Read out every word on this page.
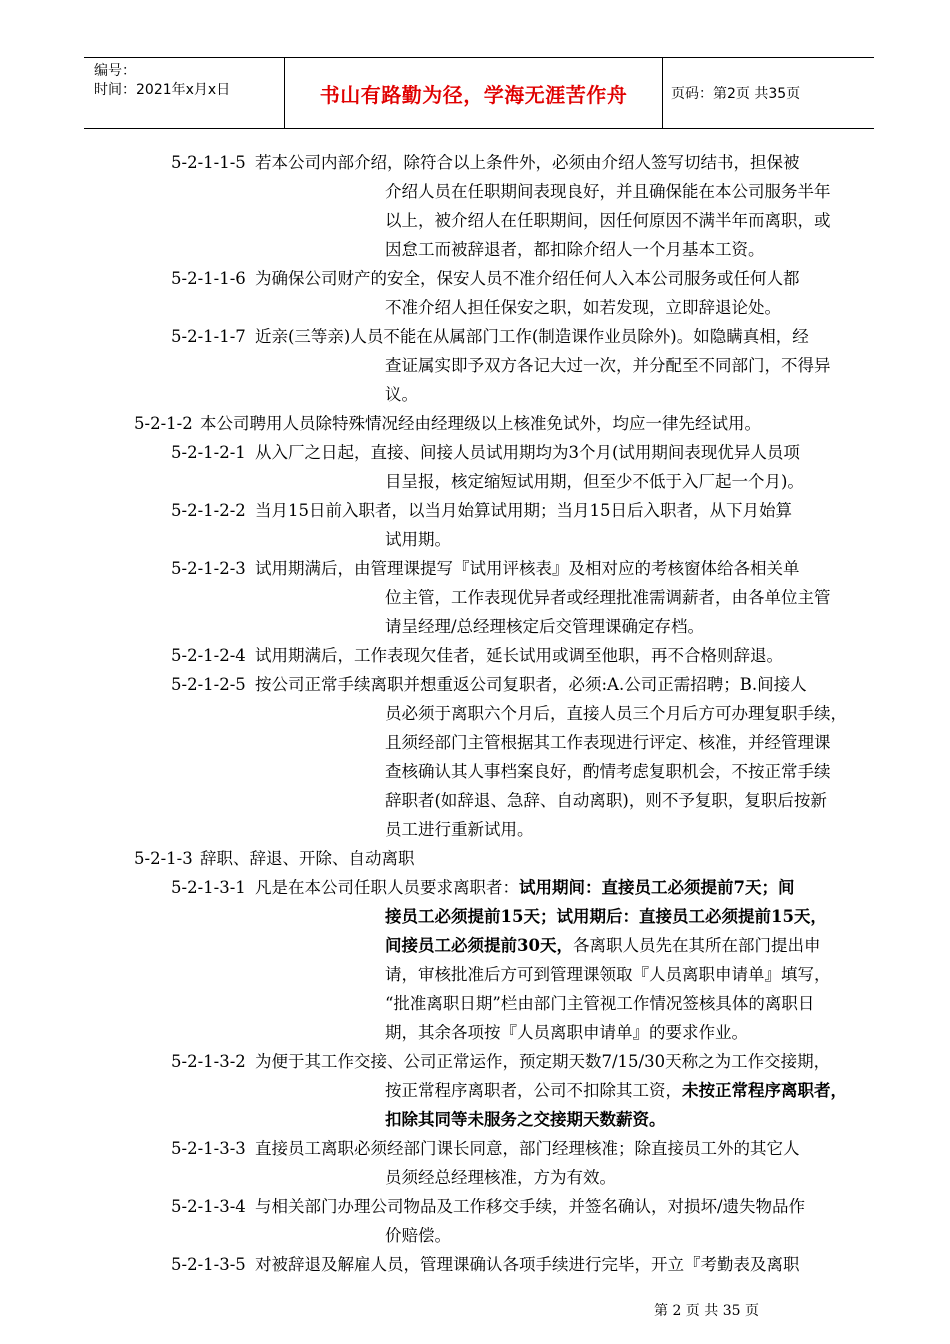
编号：
时间：2021年x月x日	书山有路勤为径，学海无涯苦作舟	页码：第2页 共35页
5-2-1-1-5 若本公司内部介绍，除符合以上条件外，必须由介绍人签写切结书，担保被
介绍人员在任职期间表现良好，并且确保能在本公司服务半年
以上，被介绍人在任职期间，因任何原因不满半年而离职，或
因怠工而被辞退者，都扣除介绍人一个月基本工资。
5-2-1-1-6 为确保公司财产的安全，保安人员不准介绍任何人入本公司服务或任何人都
不准介绍人担任保安之职，如若发现，立即辞退论处。
5-2-1-1-7 近亲(三等亲)人员不能在从属部门工作(制造课作业员除外)。如隐瞒真相，经
查证属实即予双方各记大过一次，并分配至不同部门，不得异
议。
5-2-1-2 本公司聘用人员除特殊情况经由经理级以上核准免试外，均应一律先经试用。
5-2-1-2-1 从入厂之日起，直接、间接人员试用期均为3个月(试用期间表现优异人员项
目呈报，核定缩短试用期，但至少不低于入厂起一个月)。
5-2-1-2-2 当月15日前入职者，以当月始算试用期；当月15日后入职者，从下月始算
试用期。
5-2-1-2-3 试用期满后，由管理课提写『试用评核表』及相对应的考核窗体给各相关单
位主管，工作表现优异者或经理批准需调薪者，由各单位主管
请呈经理/总经理核定后交管理课确定存档。
5-2-1-2-4 试用期满后，工作表现欠佳者，延长试用或调至他职，再不合格则辞退。
5-2-1-2-5 按公司正常手续离职并想重返公司复职者，必须:A.公司正需招聘；B.间接人
员必须于离职六个月后，直接人员三个月后方可办理复职手续，
且须经部门主管根据其工作表现进行评定、核准，并经管理课
查核确认其人事档案良好，酌情考虑复职机会，不按正常手续
辞职者(如辞退、急辞、自动离职)，则不予复职，复职后按新
员工进行重新试用。
5-2-1-3 辞职、辞退、开除、自动离职
5-2-1-3-1 凡是在本公司任职人员要求离职者：试用期间：直接员工必须提前7天；间
接员工必须提前15天；试用期后：直接员工必须提前15天，
间接员工必须提前30天，各离职人员先在其所在部门提出申
请，审核批准后方可到管理课领取『人员离职申请单』填写，
“批准离职日期”栏由部门主管视工作情况签核具体的离职日
期，其余各项按『人员离职申请单』的要求作业。
5-2-1-3-2 为便于其工作交接、公司正常运作，预定期天数7/15/30天称之为工作交接期，
按正常程序离职者，公司不扣除其工资，未按正常程序离职者，
扣除其同等未服务之交接期天数薪资。
5-2-1-3-3 直接员工离职必须经部门课长同意，部门经理核准；除直接员工外的其它人
员须经总经理核准，方为有效。
5-2-1-3-4 与相关部门办理公司物品及工作移交手续，并签名确认，对损坏/遗失物品作
价赔偿。
5-2-1-3-5 对被辞退及解雇人员，管理课确认各项手续进行完毕，开立『考勤表及离职
第 2 页 共 35 页
